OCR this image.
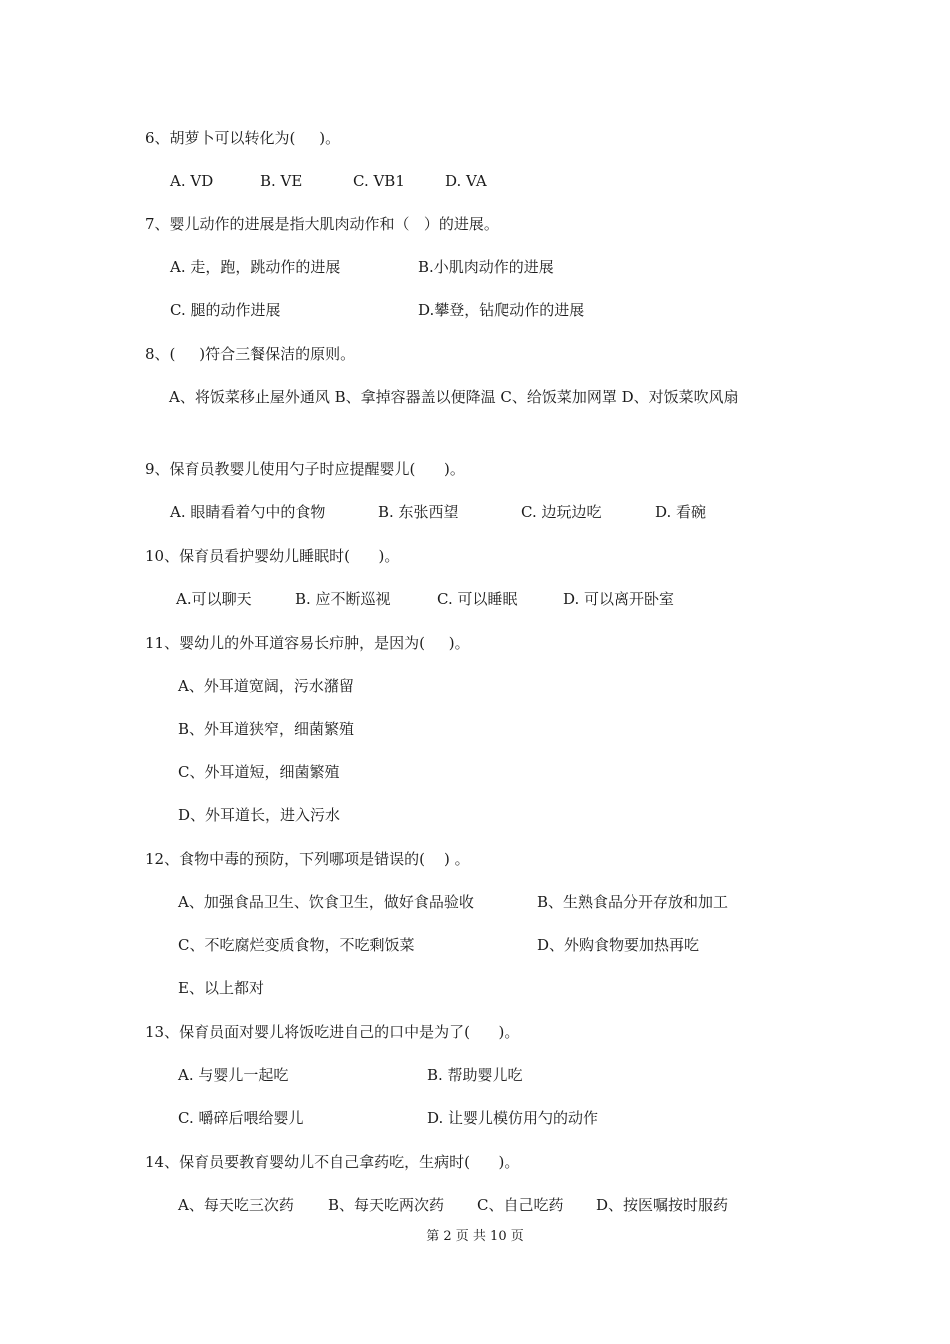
6、胡萝卜可以转化为(     )。
A. VD	B. VE	C. VB1	D. VA
7、婴儿动作的进展是指大肌肉动作和（   ）的进展。
A. 走，跑，跳动作的进展	B.小肌肉动作的进展
C. 腿的动作进展	D.攀登，钻爬动作的进展
8、(     )符合三餐保洁的原则。
A、将饭菜移止屋外通风 B、拿掉容器盖以便降温 C、给饭菜加网罩 D、对饭菜吹风扇
9、保育员教婴儿使用勺子时应提醒婴儿(      )。
A. 眼睛看着勺中的食物	B. 东张西望	C. 边玩边吃	D. 看碗
10、保育员看护婴幼儿睡眠时(      )。
A.可以聊天	B. 应不断巡视	C. 可以睡眠	D. 可以离开卧室
11、婴幼儿的外耳道容易长疖肿，是因为(     )。
A、外耳道宽阔，污水潴留
B、外耳道狭窄，细菌繁殖
C、外耳道短，细菌繁殖
D、外耳道长，进入污水
12、食物中毒的预防，下列哪项是错误的(    ) 。
A、加强食品卫生、饮食卫生，做好食品验收	B、生熟食品分开存放和加工
C、不吃腐烂变质食物，不吃剩饭菜	D、外购食物要加热再吃
E、以上都对
13、保育员面对婴儿将饭吃进自己的口中是为了(      )。
A. 与婴儿一起吃	B. 帮助婴儿吃
C. 嚼碎后喂给婴儿	D. 让婴儿模仿用勺的动作
14、保育员要教育婴幼儿不自己拿药吃，生病时(      )。
A、每天吃三次药 B、每天吃两次药 C、自己吃药 D、按医嘱按时服药
第 2 页 共 10 页
